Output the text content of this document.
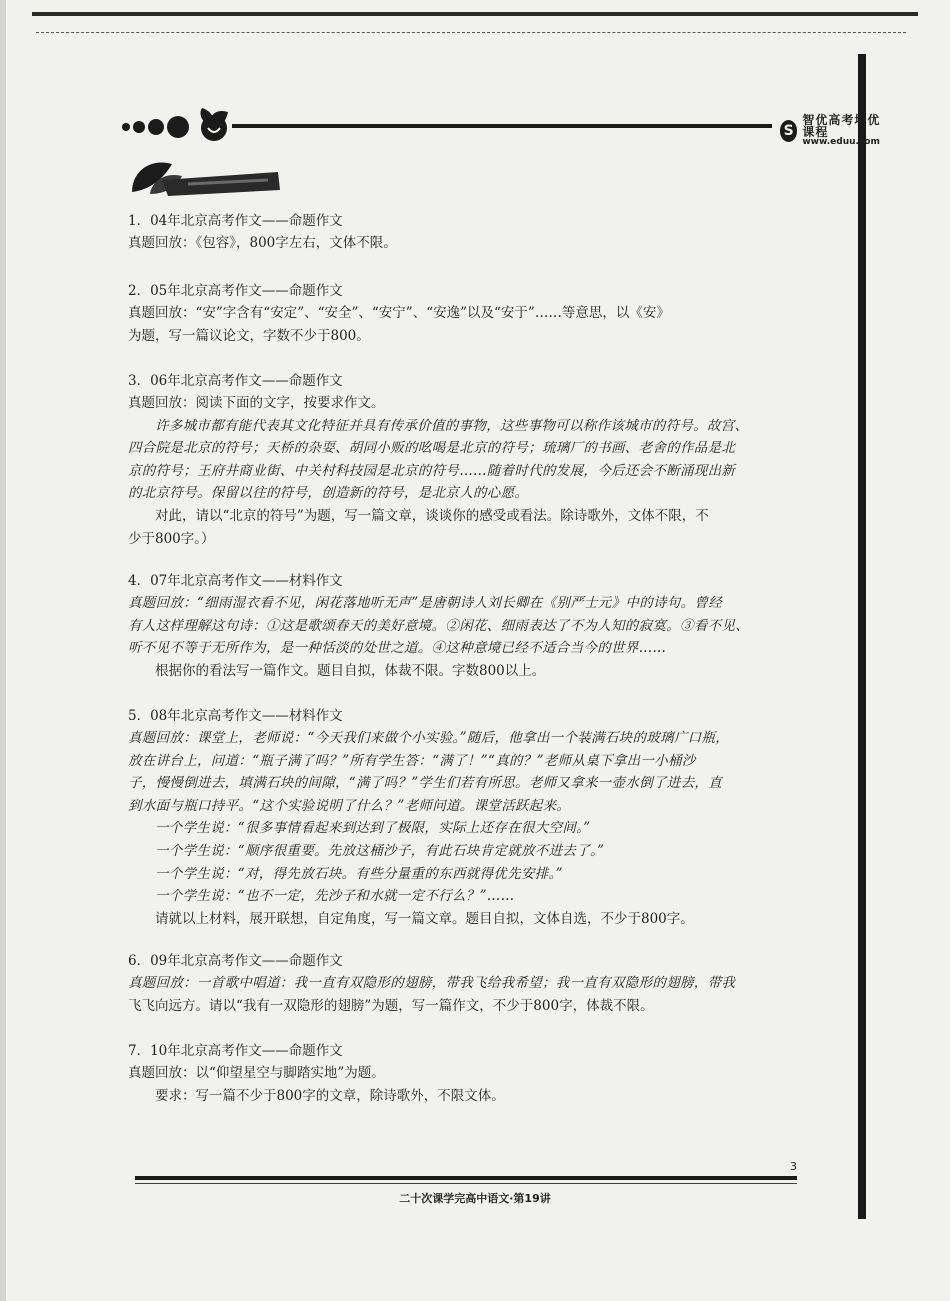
S
智优高考培优课程
www.eduu.com
1．04年北京高考作文——命题作文
真题回放：《包容》，800字左右，文体不限。
2．05年北京高考作文——命题作文
真题回放：“安”字含有“安定”、“安全”、“安宁”、“安逸”以及“安于”……等意思，以《安》
为题，写一篇议论文，字数不少于800。
3．06年北京高考作文——命题作文
真题回放：阅读下面的文字，按要求作文。
许多城市都有能代表其文化特征并具有传承价值的事物，这些事物可以称作该城市的符号。故宫、
四合院是北京的符号；天桥的杂耍、胡同小贩的吆喝是北京的符号；琉璃厂的书画、老舍的作品是北
京的符号；王府井商业街、中关村科技园是北京的符号……随着时代的发展，今后还会不断涌现出新
的北京符号。保留以往的符号，创造新的符号，是北京人的心愿。
对此，请以“北京的符号”为题，写一篇文章，谈谈你的感受或看法。除诗歌外，文体不限，不
少于800字。）
4．07年北京高考作文——材料作文
真题回放：“细雨湿衣看不见，闲花落地听无声”是唐朝诗人刘长卿在《别严士元》中的诗句。曾经
有人这样理解这句诗：①这是歌颂春天的美好意境。②闲花、细雨表达了不为人知的寂寞。③看不见、
听不见不等于无所作为，是一种恬淡的处世之道。④这种意境已经不适合当今的世界……
根据你的看法写一篇作文。题目自拟，体裁不限。字数800以上。
5．08年北京高考作文——材料作文
真题回放：课堂上，老师说：“今天我们来做个小实验。”随后，他拿出一个装满石块的玻璃广口瓶，
放在讲台上，问道：“瓶子满了吗？”所有学生答：“满了！”“真的？”老师从桌下拿出一小桶沙
子，慢慢倒进去，填满石块的间隙，“满了吗？”学生们若有所思。老师又拿来一壶水倒了进去，直
到水面与瓶口持平。“这个实验说明了什么？”老师问道。课堂活跃起来。
一个学生说：“很多事情看起来到达到了极限，实际上还存在很大空间。”
一个学生说：“顺序很重要。先放这桶沙子，有此石块肯定就放不进去了。”
一个学生说：“对，得先放石块。有些分量重的东西就得优先安排。”
一个学生说：“也不一定，先沙子和水就一定不行么？”……
请就以上材料，展开联想，自定角度，写一篇文章。题目自拟，文体自选，不少于800字。
6．09年北京高考作文——命题作文
真题回放：一首歌中唱道：我一直有双隐形的翅膀，带我飞给我希望；我一直有双隐形的翅膀，带我
飞飞向远方。请以“我有一双隐形的翅膀”为题，写一篇作文，不少于800字，体裁不限。
7．10年北京高考作文——命题作文
真题回放：以“仰望星空与脚踏实地”为题。
要求：写一篇不少于800字的文章，除诗歌外，不限文体。
3
二十次课学完高中语文·第19讲
